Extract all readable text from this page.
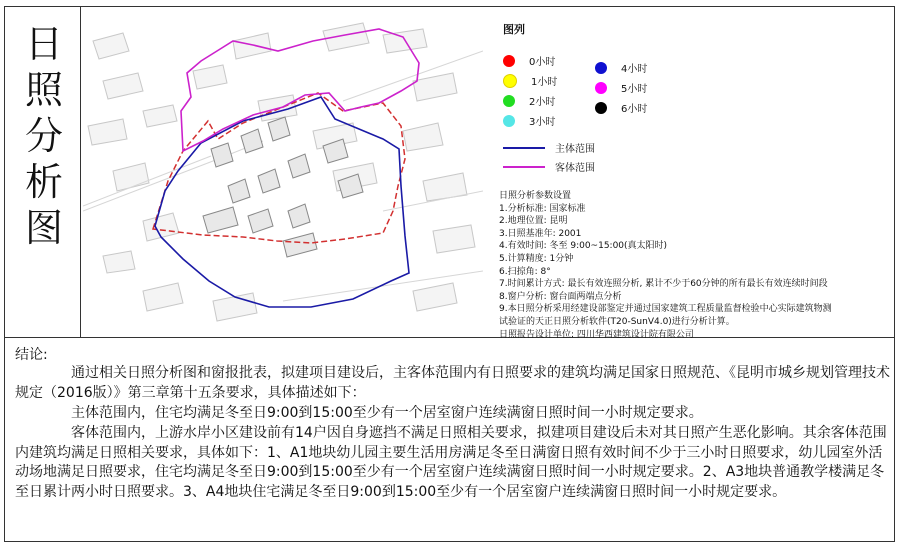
日
照
分
析
图
图列
0小时
1小时
2小时
3小时
4小时
5小时
6小时
主体范围
客体范围
日照分析参数设置
1.分析标准: 国家标准
2.地理位置: 昆明
3.日照基准年: 2001
4.有效时间: 冬至 9:00~15:00(真太阳时)
5.计算精度: 1分钟
6.扫掠角: 8°
7.时间累计方式: 最长有效连照分析, 累计不少于60分钟的所有最长有效连续时间段
8.窗户分析: 窗台面两端点分析
9.本日照分析采用经建设部鉴定并通过国家建筑工程质量监督检验中心实际建筑物测
试验证的天正日照分析软件(T20-SunV4.0)进行分析计算。
日照报告设计单位: 四川华西建筑设计院有限公司
结论:
　　　　通过相关日照分析图和窗报批表，拟建项目建设后，主客体范围内有日照要求的建筑均满足国家日照规范、《昆明市城乡规划管理技术规定（2016版）》第三章第十五条要求，具体描述如下：
　　　　主体范围内，住宅均满足冬至日9:00到15:00至少有一个居室窗户连续满窗日照时间一小时规定要求。
　　　　客体范围内，上游水岸小区建设前有14户因自身遮挡不满足日照相关要求，拟建项目建设后未对其日照产生恶化影响。其余客体范围内建筑均满足日照相关要求，具体如下：1、A1地块幼儿园主要生活用房满足冬至日满窗日照有效时间不少于三小时日照要求，幼儿园室外活动场地满足日照要求，住宅均满足冬至日9:00到15:00至少有一个居室窗户连续满窗日照时间一小时规定要求。2、A3地块普通教学楼满足冬至日累计两小时日照要求。3、A4地块住宅满足冬至日9:00到15:00至少有一个居室窗户连续满窗日照时间一小时规定要求。
